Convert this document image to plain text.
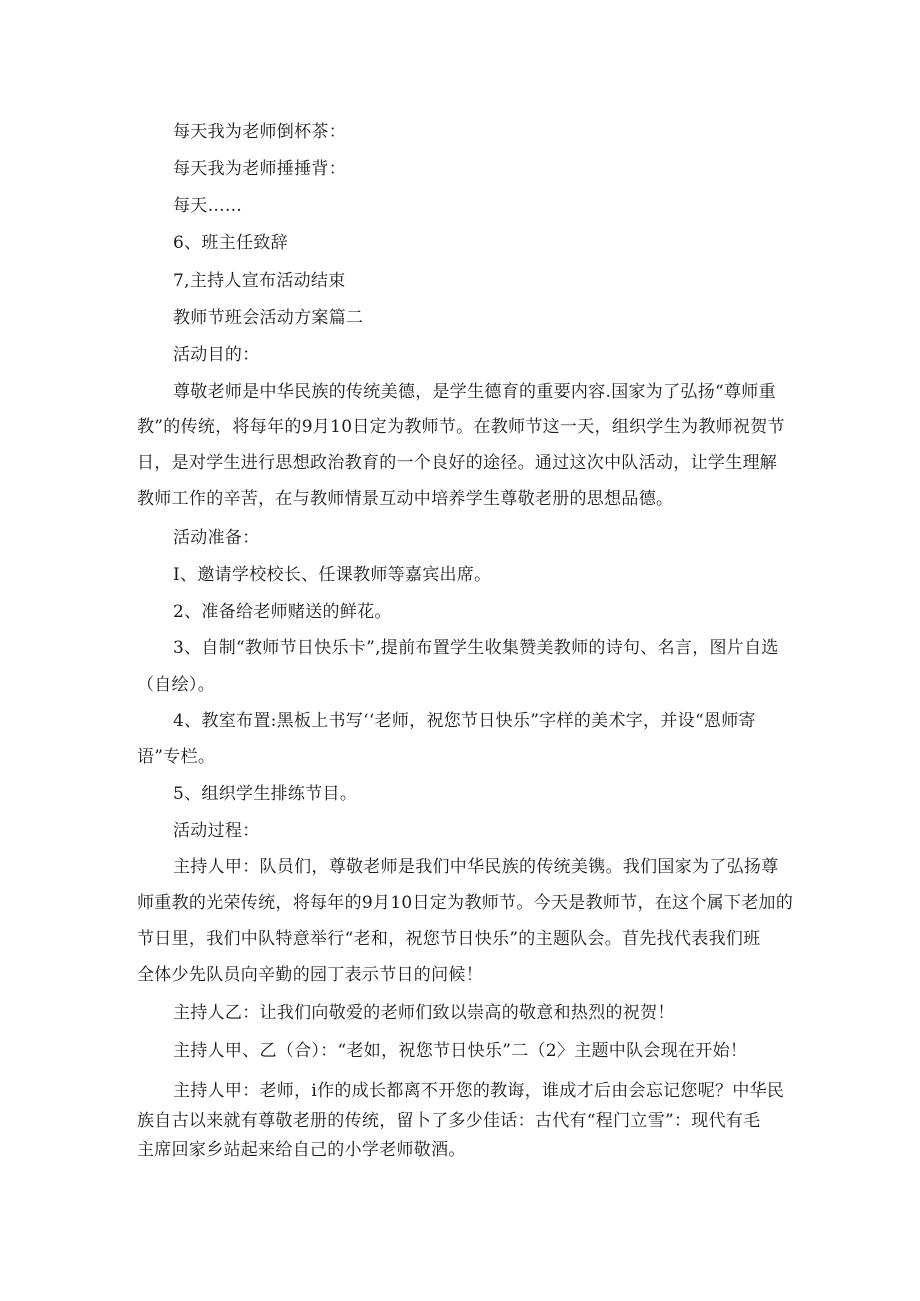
每天我为老师倒杯茶：
每天我为老师捶捶背：
每天……
6、班主任致辞
7,主持人宣布活动结束
教师节班会活动方案篇二
活动目的：
尊敬老师是中华民族的传统美德，是学生德育的重要内容.国家为了弘扬“尊师重
教”的传统，将每年的9月10日定为教师节。在教师节这一天，组织学生为教师祝贺节
日，是对学生进行思想政治教育的一个良好的途径。通过这次中队活动，让学生理解
教师工作的辛苦，在与教师情景互动中培养学生尊敬老册的思想品德。
活动准备：
I、邀请学校校长、任课教师等嘉宾出席。
2、准备给老师赌送的鲜花。
3、自制“教师节日快乐卡”,提前布置学生收集赞美教师的诗句、名言，图片自选
（自绘）。
4、教室布置:黑板上书写‘‘老师，祝您节日快乐”字样的美术字，并设“恩师寄
语”专栏。
5、组织学生排练节目。
活动过程：
主持人甲：队员们，尊敬老师是我们中华民族的传统美镌。我们国家为了弘扬尊
师重教的光荣传统，将每年的9月10日定为教师节。今天是教师节，在这个属下老加的
节日里，我们中队特意举行“老和，祝您节日快乐”的主题队会。苜先找代表我们班
全体少先队员向辛勤的园丁表示节日的问候！
主持人乙：让我们向敬爱的老师们致以崇高的敬意和热烈的祝贺！
主持人甲、乙（合）：“老如，祝您节日快乐”二（2〉主题中队会现在开始！
主持人甲：老师，i作的成长都离不开您的教诲，谁成才后由会忘记您呢？中华民
族自古以来就有尊敬老册的传统，留卜了多少佳话：古代有“程门立雪”：现代有毛
主席回家乡站起来给自己的小学老师敬酒。
